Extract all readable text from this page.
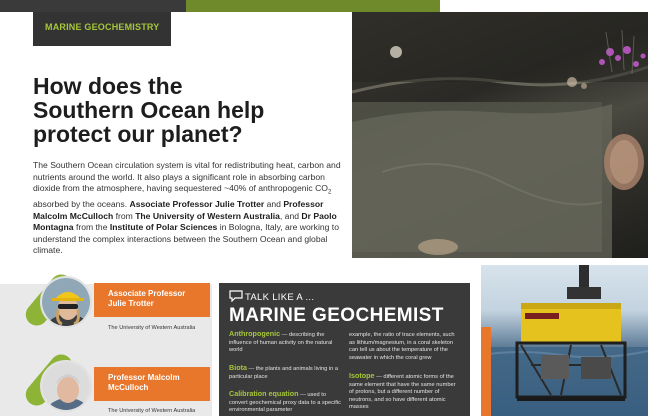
MARINE GEOCHEMISTRY
How does the
Southern Ocean help
protect our planet?

The Southern Ocean circulation system is vital for redistributing heat, carbon and nutrients around the world. It also plays a significant role in absorbing carbon dioxide from the atmosphere, having sequestered ~40% of anthropogenic $CO_2$ absorbed by the oceans. Associate Professor Julie Trotter and Professor Malcolm McCulloch from The University of Western Australia, and Dr Paolo Montagna from the Institute of Polar Sciences in Bologna, Italy, are working to understand the complex interactions between the Southern Ocean and global climate.

Associate Professor
Julie Trotter
The University of Western Australia
Professor Malcolm
McCulloch
The University of Western Australia
TALK LIKE A ...
MARINE GEOCHEMIST
Anthropogenic — describing the influence of human activity on the natural world
Biota — the plants and animals living in a particular place
Calibration equation — used to convert geochemical proxy data to a specific environmental parameter
example, the ratio of trace elements, such as lithium/magnesium, in a coral skeleton can tell us about the temperature of the seawater in which the coral grew
Isotope — different atomic forms of the same element that have the same number of protons, but a different number of neutrons, and so have different atomic masses
